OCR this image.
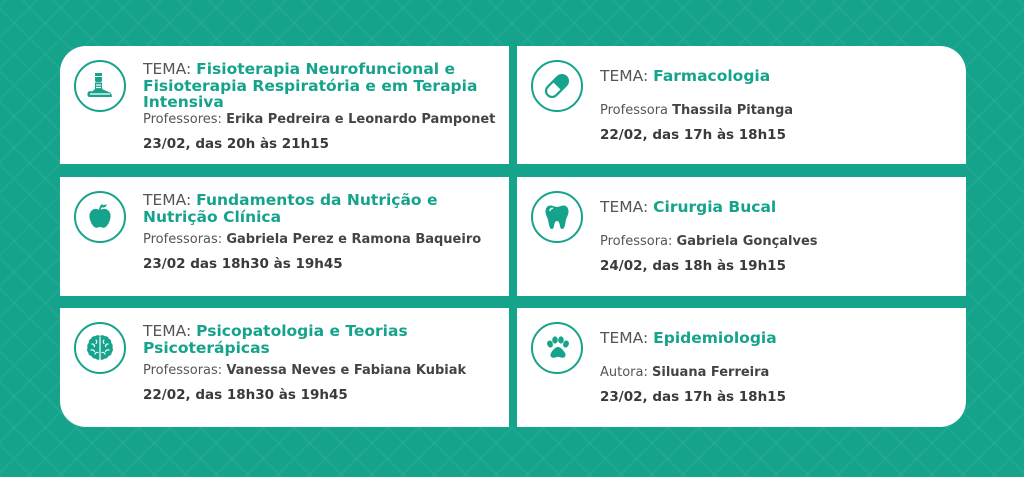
TEMA: Fisioterapia Neurofuncional e Fisioterapia Respiratória e em Terapia Intensiva
Professores: Erika Pedreira e Leonardo Pamponet
23/02, das 20h às 21h15
TEMA: Farmacologia
Professora Thassila Pitanga
22/02, das 17h às 18h15
TEMA: Fundamentos da Nutrição e Nutrição Clínica
Professoras: Gabriela Perez e Ramona Baqueiro
23/02 das 18h30 às 19h45
TEMA: Cirurgia Bucal
Professora: Gabriela Gonçalves
24/02, das 18h às 19h15
TEMA: Psicopatologia e Teorias Psicoterápicas
Professoras: Vanessa Neves e Fabiana Kubiak
22/02, das 18h30 às 19h45
TEMA: Epidemiologia
Autora: Siluana Ferreira
23/02, das 17h às 18h15
